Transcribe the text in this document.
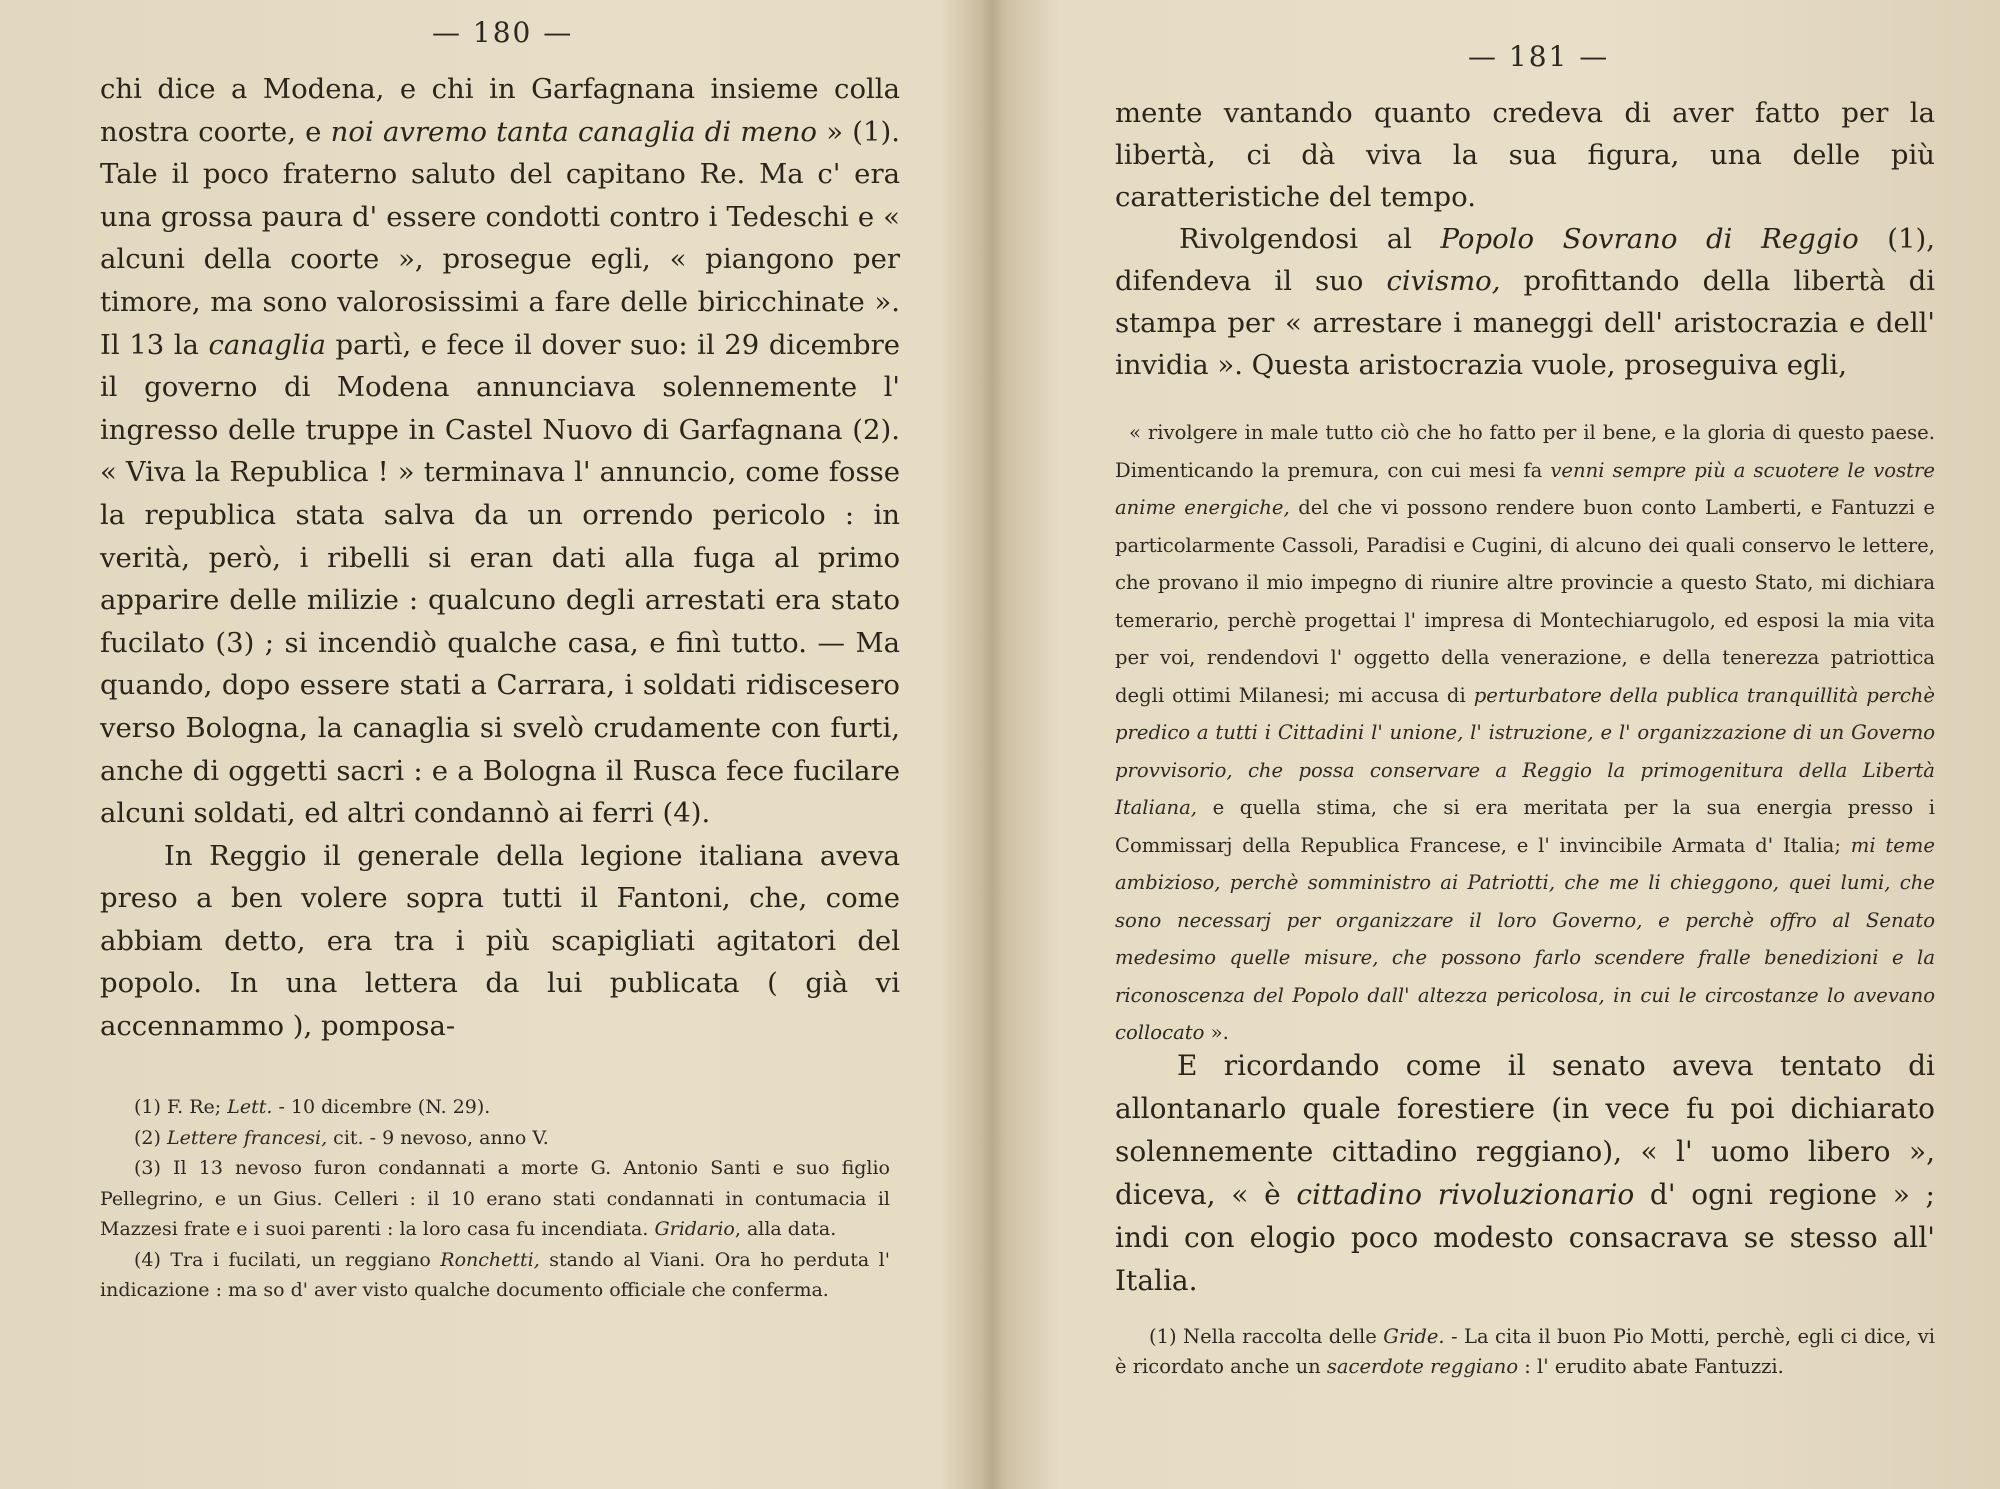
— 180 —

chi dice a Modena, e chi in Garfagnana insieme colla nostra coorte, e noi avremo tanta canaglia di meno » (1). Tale il poco fraterno saluto del capitano Re. Ma c' era una grossa paura d' essere condotti contro i Tedeschi e « alcuni della coorte », prosegue egli, « piangono per timore, ma sono valorosissimi a fare delle biricchinate ». Il 13 la canaglia partì, e fece il dover suo: il 29 dicembre il governo di Modena annunciava solennemente l' ingresso delle truppe in Castel Nuovo di Garfagnana (2). « Viva la Republica ! » terminava l' annuncio, come fosse la republica stata salva da un orrendo pericolo : in verità, però, i ribelli si eran dati alla fuga al primo apparire delle milizie : qualcuno degli arrestati era stato fucilato (3) ; si incendiò qualche casa, e finì tutto. — Ma quando, dopo essere stati a Carrara, i soldati ridiscesero verso Bologna, la canaglia si svelò crudamente con furti, anche di oggetti sacri : e a Bologna il Rusca fece fucilare alcuni soldati, ed altri condannò ai ferri (4).

In Reggio il generale della legione italiana aveva preso a ben volere sopra tutti il Fantoni, che, come abbiam detto, era tra i più scapigliati agitatori del popolo. In una lettera da lui publicata ( già vi accennammo ), pomposa-

(1) F. Re; Lett. - 10 dicembre (N. 29).

(2) Lettere francesi, cit. - 9 nevoso, anno V.

(3) Il 13 nevoso furon condannati a morte G. Antonio Santi e suo figlio Pellegrino, e un Gius. Celleri : il 10 erano stati condannati in contumacia il Mazzesi frate e i suoi parenti : la loro casa fu incendiata. Gridario, alla data.

(4) Tra i fucilati, un reggiano Ronchetti, stando al Viani. Ora ho perduta l' indicazione : ma so d' aver visto qualche documento officiale che conferma.

— 181 —

mente vantando quanto credeva di aver fatto per la libertà, ci dà viva la sua figura, una delle più caratteristiche del tempo.

Rivolgendosi al Popolo Sovrano di Reggio (1), difendeva il suo civismo, profittando della libertà di stampa per « arrestare i maneggi dell' aristocrazia e dell' invidia ». Questa aristocrazia vuole, proseguiva egli,

« rivolgere in male tutto ciò che ho fatto per il bene, e la gloria di questo paese. Dimenticando la premura, con cui mesi fa venni sempre più a scuotere le vostre anime energiche, del che vi possono rendere buon conto Lamberti, e Fantuzzi e particolarmente Cassoli, Paradisi e Cugini, di alcuno dei quali conservo le lettere, che provano il mio impegno di riunire altre provincie a questo Stato, mi dichiara temerario, perchè progettai l' impresa di Montechiarugolo, ed esposi la mia vita per voi, rendendovi l' oggetto della venerazione, e della tenerezza patriottica degli ottimi Milanesi; mi accusa di perturbatore della publica tranquillità perchè predico a tutti i Cittadini l' unione, l' istruzione, e l' organizzazione di un Governo provvisorio, che possa conservare a Reggio la primogenitura della Libertà Italiana, e quella stima, che si era meritata per la sua energia presso i Commissarj della Republica Francese, e l' invincibile Armata d' Italia; mi teme ambizioso, perchè somministro ai Patriotti, che me li chieggono, quei lumi, che sono necessarj per organizzare il loro Governo, e perchè offro al Senato medesimo quelle misure, che possono farlo scendere fralle benedizioni e la riconoscenza del Popolo dall' altezza pericolosa, in cui le circostanze lo avevano collocato ».

E ricordando come il senato aveva tentato di allontanarlo quale forestiere (in vece fu poi dichiarato solennemente cittadino reggiano), « l' uomo libero », diceva, « è cittadino rivoluzionario d' ogni regione » ; indi con elogio poco modesto consacrava se stesso all' Italia.

(1) Nella raccolta delle Gride. - La cita il buon Pio Motti, perchè, egli ci dice, vi è ricordato anche un sacerdote reggiano : l' erudito abate Fantuzzi.
